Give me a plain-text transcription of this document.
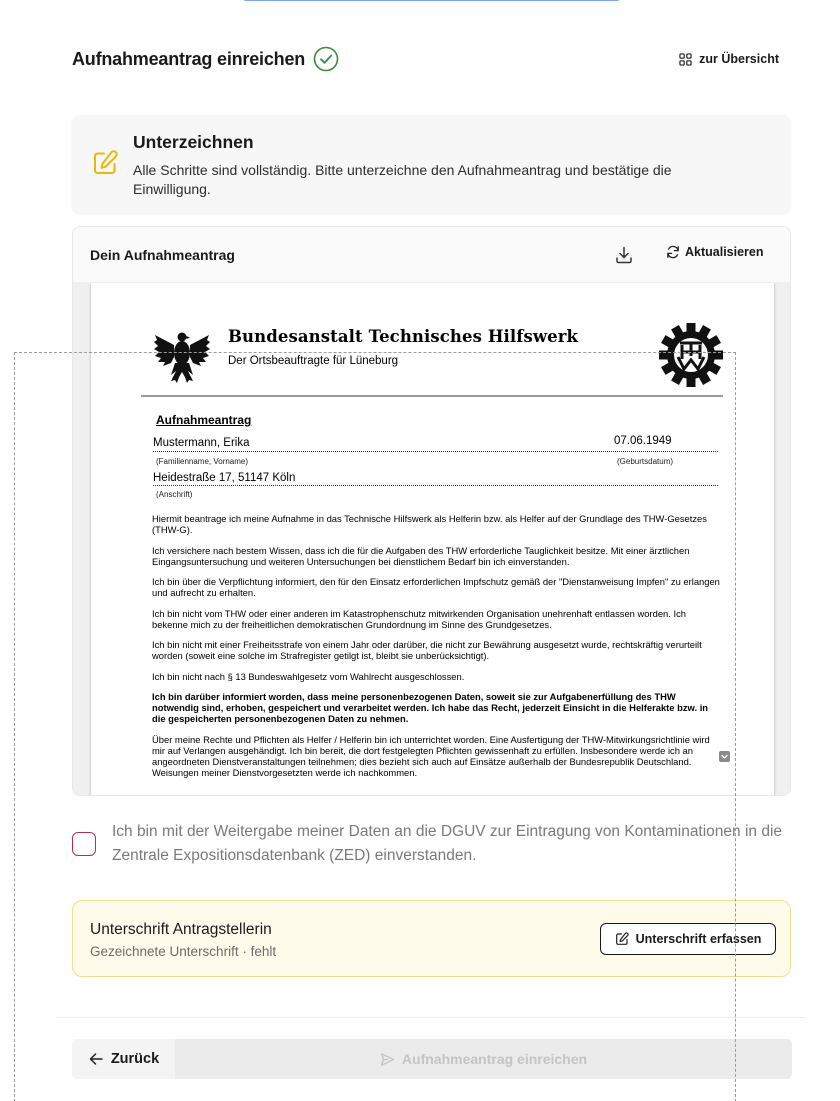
Aufnahmeantrag einreichen	zur Übersicht
Unterzeichnen
Alle Schritte sind vollständig. Bitte unterzeichne den Aufnahmeantrag und bestätige die Einwilligung.
Dein Aufnahmeantrag	Aktualisieren
Bundesanstalt Technisches Hilfswerk
Der Ortsbeauftragte für Lüneburg
Aufnahmeantrag
Mustermann, Erika	07.06.1949
(Familienname, Vorname)	(Geburtsdatum)
Heidestraße 17, 51147 Köln
(Anschrift)

Hiermit beantrage ich meine Aufnahme in das Technische Hilfswerk als Helferin bzw. als Helfer auf der Grundlage des THW-Gesetzes (THW-G).

Ich versichere nach bestem Wissen, dass ich die für die Aufgaben des THW erforderliche Tauglichkeit besitze. Mit einer ärztlichen Eingangsuntersuchung und weiteren Untersuchungen bei dienstlichem Bedarf bin ich einverstanden.

Ich bin über die Verpflichtung informiert, den für den Einsatz erforderlichen Impfschutz gemäß der "Dienstanweisung Impfen" zu erlangen und aufrecht zu erhalten.

Ich bin nicht vom THW oder einer anderen im Katastrophenschutz mitwirkenden Organisation unehrenhaft entlassen worden. Ich bekenne mich zu der freiheitlichen demokratischen Grundordnung im Sinne des Grundgesetzes.

Ich bin nicht mit einer Freiheitsstrafe von einem Jahr oder darüber, die nicht zur Bewährung ausgesetzt wurde, rechtskräftig verurteilt worden (soweit eine solche im Strafregister getilgt ist, bleibt sie unberücksichtigt).

Ich bin nicht nach § 13 Bundeswahlgesetz vom Wahlrecht ausgeschlossen.

Ich bin darüber informiert worden, dass meine personenbezogenen Daten, soweit sie zur Aufgabenerfüllung des THW notwendig sind, erhoben, gespeichert und verarbeitet werden. Ich habe das Recht, jederzeit Einsicht in die Helferakte bzw. in die gespeicherten personenbezogenen Daten zu nehmen.

Über meine Rechte und Pflichten als Helfer / Helferin bin ich unterrichtet worden. Eine Ausfertigung der THW-Mitwirkungsrichtlinie wird mir auf Verlangen ausgehändigt. Ich bin bereit, die dort festgelegten Pflichten gewissenhaft zu erfüllen. Insbesondere werde ich an angeordneten Dienstveranstaltungen teilnehmen; dies bezieht sich auch auf Einsätze außerhalb der Bundesrepublik Deutschland. Weisungen meiner Dienstvorgesetzten werde ich nachkommen.

Ich bin mit der Weitergabe meiner Daten an die DGUV zur Eintragung von Kontaminationen in die Zentrale Expositionsdatenbank (ZED) einverstanden.
Unterschrift Antragstellerin
Gezeichnete Unterschrift · fehlt
Unterschrift erfassen
Zurück	Aufnahmeantrag einreichen
